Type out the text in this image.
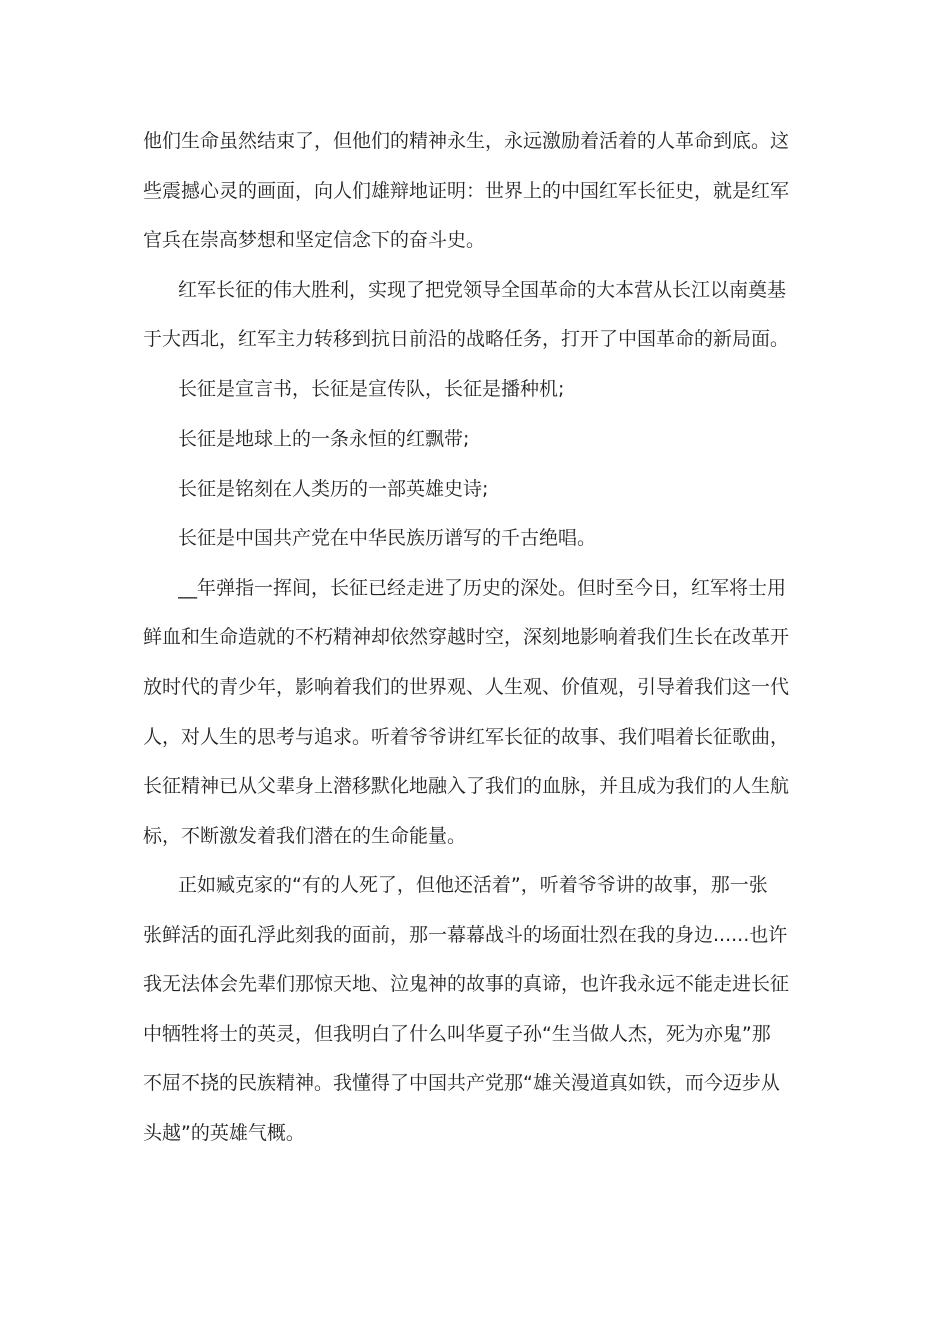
他们生命虽然结束了，但他们的精神永生，永远激励着活着的人革命到底。这
些震撼心灵的画面，向人们雄辩地证明：世界上的中国红军长征史，就是红军
官兵在崇高梦想和坚定信念下的奋斗史。
红军长征的伟大胜利，实现了把党领导全国革命的大本营从长江以南奠基
于大西北，红军主力转移到抗日前沿的战略任务，打开了中国革命的新局面。
长征是宣言书，长征是宣传队，长征是播种机;
长征是地球上的一条永恒的红飘带;
长征是铭刻在人类历的一部英雄史诗;
长征是中国共产党在中华民族历谱写的千古绝唱。
__年弹指一挥间，长征已经走进了历史的深处。但时至今日，红军将士用
鲜血和生命造就的不朽精神却依然穿越时空，深刻地影响着我们生长在改革开
放时代的青少年，影响着我们的世界观、人生观、价值观，引导着我们这一代
人，对人生的思考与追求。听着爷爷讲红军长征的故事、我们唱着长征歌曲，
长征精神已从父辈身上潜移默化地融入了我们的血脉，并且成为我们的人生航
标，不断激发着我们潜在的生命能量。
正如臧克家的“有的人死了，但他还活着”，听着爷爷讲的故事，那一张
张鲜活的面孔浮此刻我的面前，那一幕幕战斗的场面壮烈在我的身边......也许
我无法体会先辈们那惊天地、泣鬼神的故事的真谛，也许我永远不能走进长征
中牺牲将士的英灵，但我明白了什么叫华夏子孙“生当做人杰，死为亦鬼”那
不屈不挠的民族精神。我懂得了中国共产党那“雄关漫道真如铁，而今迈步从
头越”的英雄气概。
